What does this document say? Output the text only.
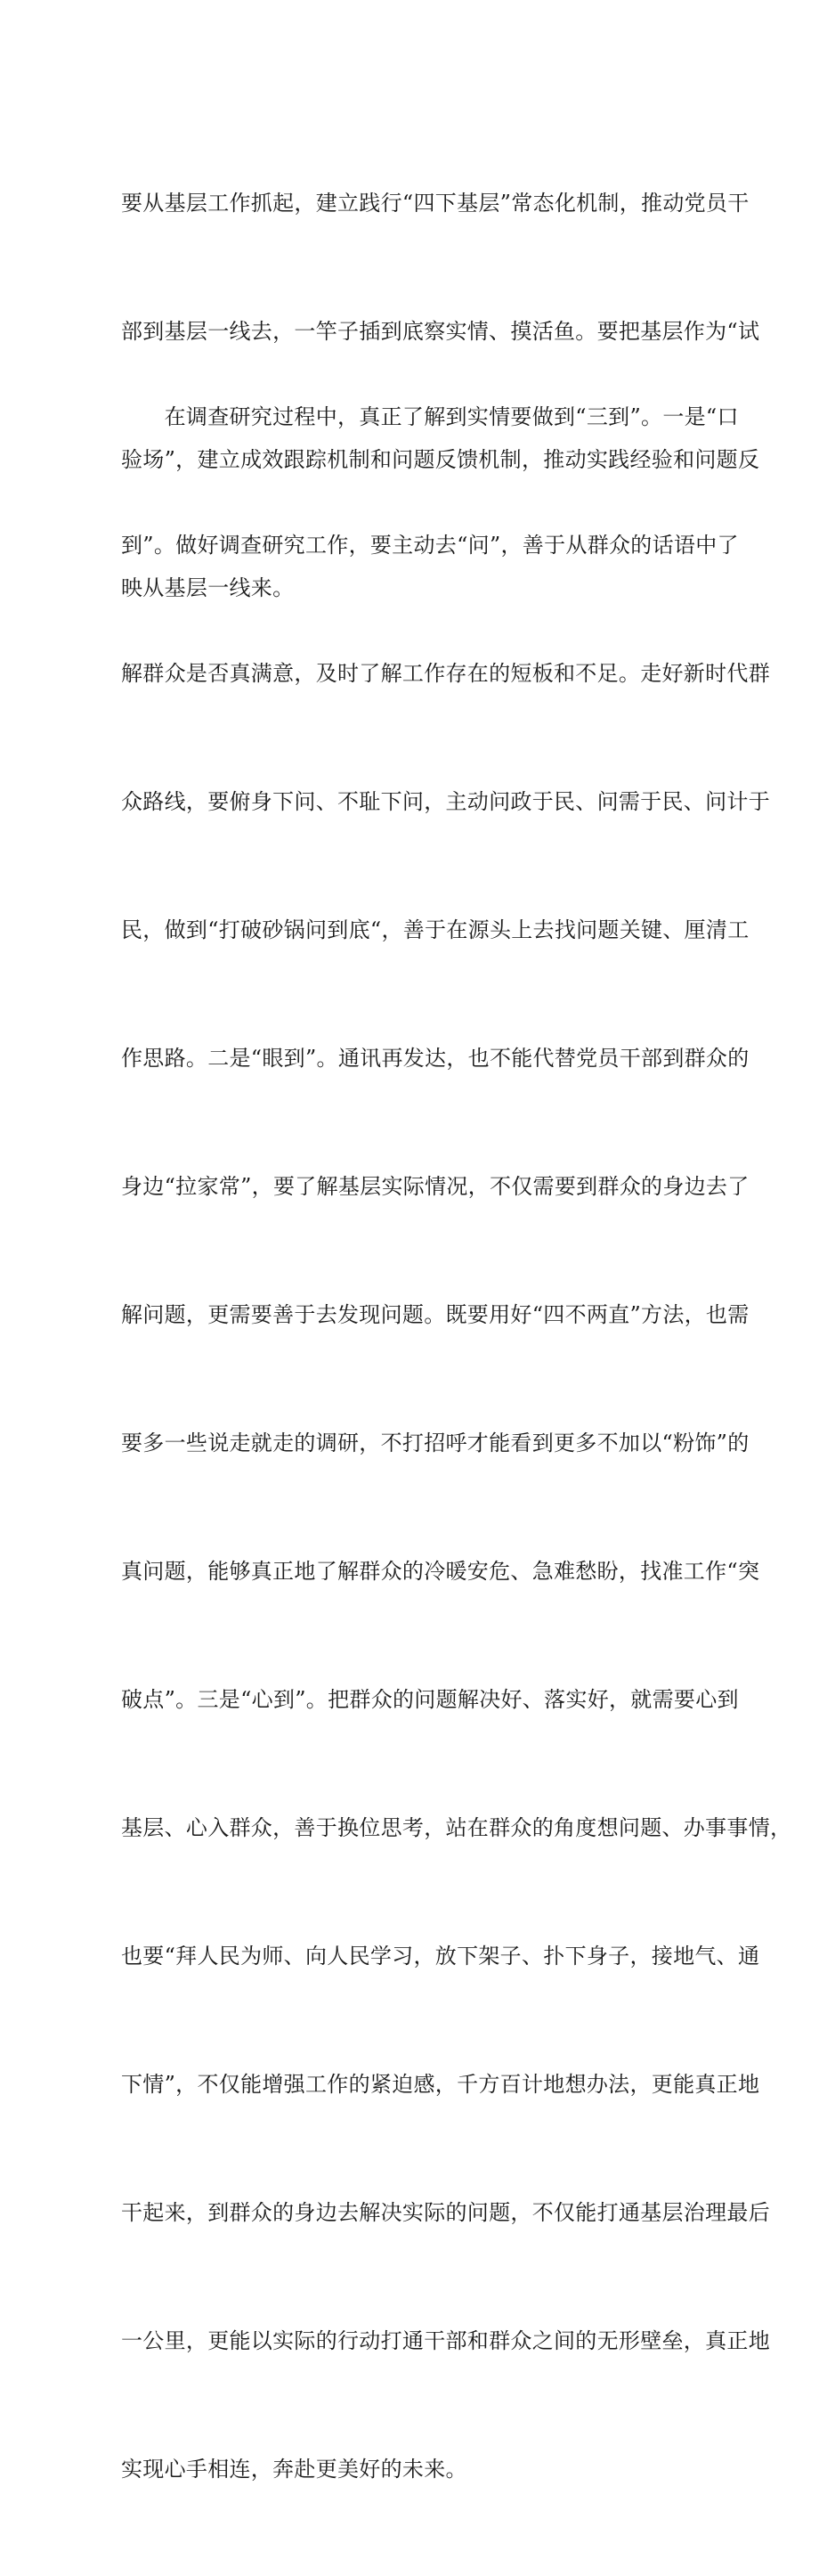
要从基层工作抓起，建立践行“四下基层”常态化机制，推动党员干

部到基层一线去，一竿子插到底察实情、摸活鱼。要把基层作为“试

验场”，建立成效跟踪机制和问题反馈机制，推动实践经验和问题反

映从基层一线来。

　　在调查研究过程中，真正了解到实情要做到“三到”。一是“口

到”。做好调查研究工作，要主动去“问”，善于从群众的话语中了

解群众是否真满意，及时了解工作存在的短板和不足。走好新时代群

众路线，要俯身下问、不耻下问，主动问政于民、问需于民、问计于

民，做到“打破砂锅问到底“，善于在源头上去找问题关键、厘清工

作思路。二是“眼到”。通讯再发达，也不能代替党员干部到群众的

身边“拉家常”，要了解基层实际情况，不仅需要到群众的身边去了

解问题，更需要善于去发现问题。既要用好“四不两直”方法，也需

要多一些说走就走的调研，不打招呼才能看到更多不加以“粉饰”的

真问题，能够真正地了解群众的冷暖安危、急难愁盼，找准工作“突

破点”。三是“心到”。把群众的问题解决好、落实好，就需要心到

基层、心入群众，善于换位思考，站在群众的角度想问题、办事事情，

也要“拜人民为师、向人民学习，放下架子、扑下身子，接地气、通

下情”，不仅能增强工作的紧迫感，千方百计地想办法，更能真正地

干起来，到群众的身边去解决实际的问题，不仅能打通基层治理最后

一公里，更能以实际的行动打通干部和群众之间的无形壁垒，真正地

实现心手相连，奔赴更美好的未来。
